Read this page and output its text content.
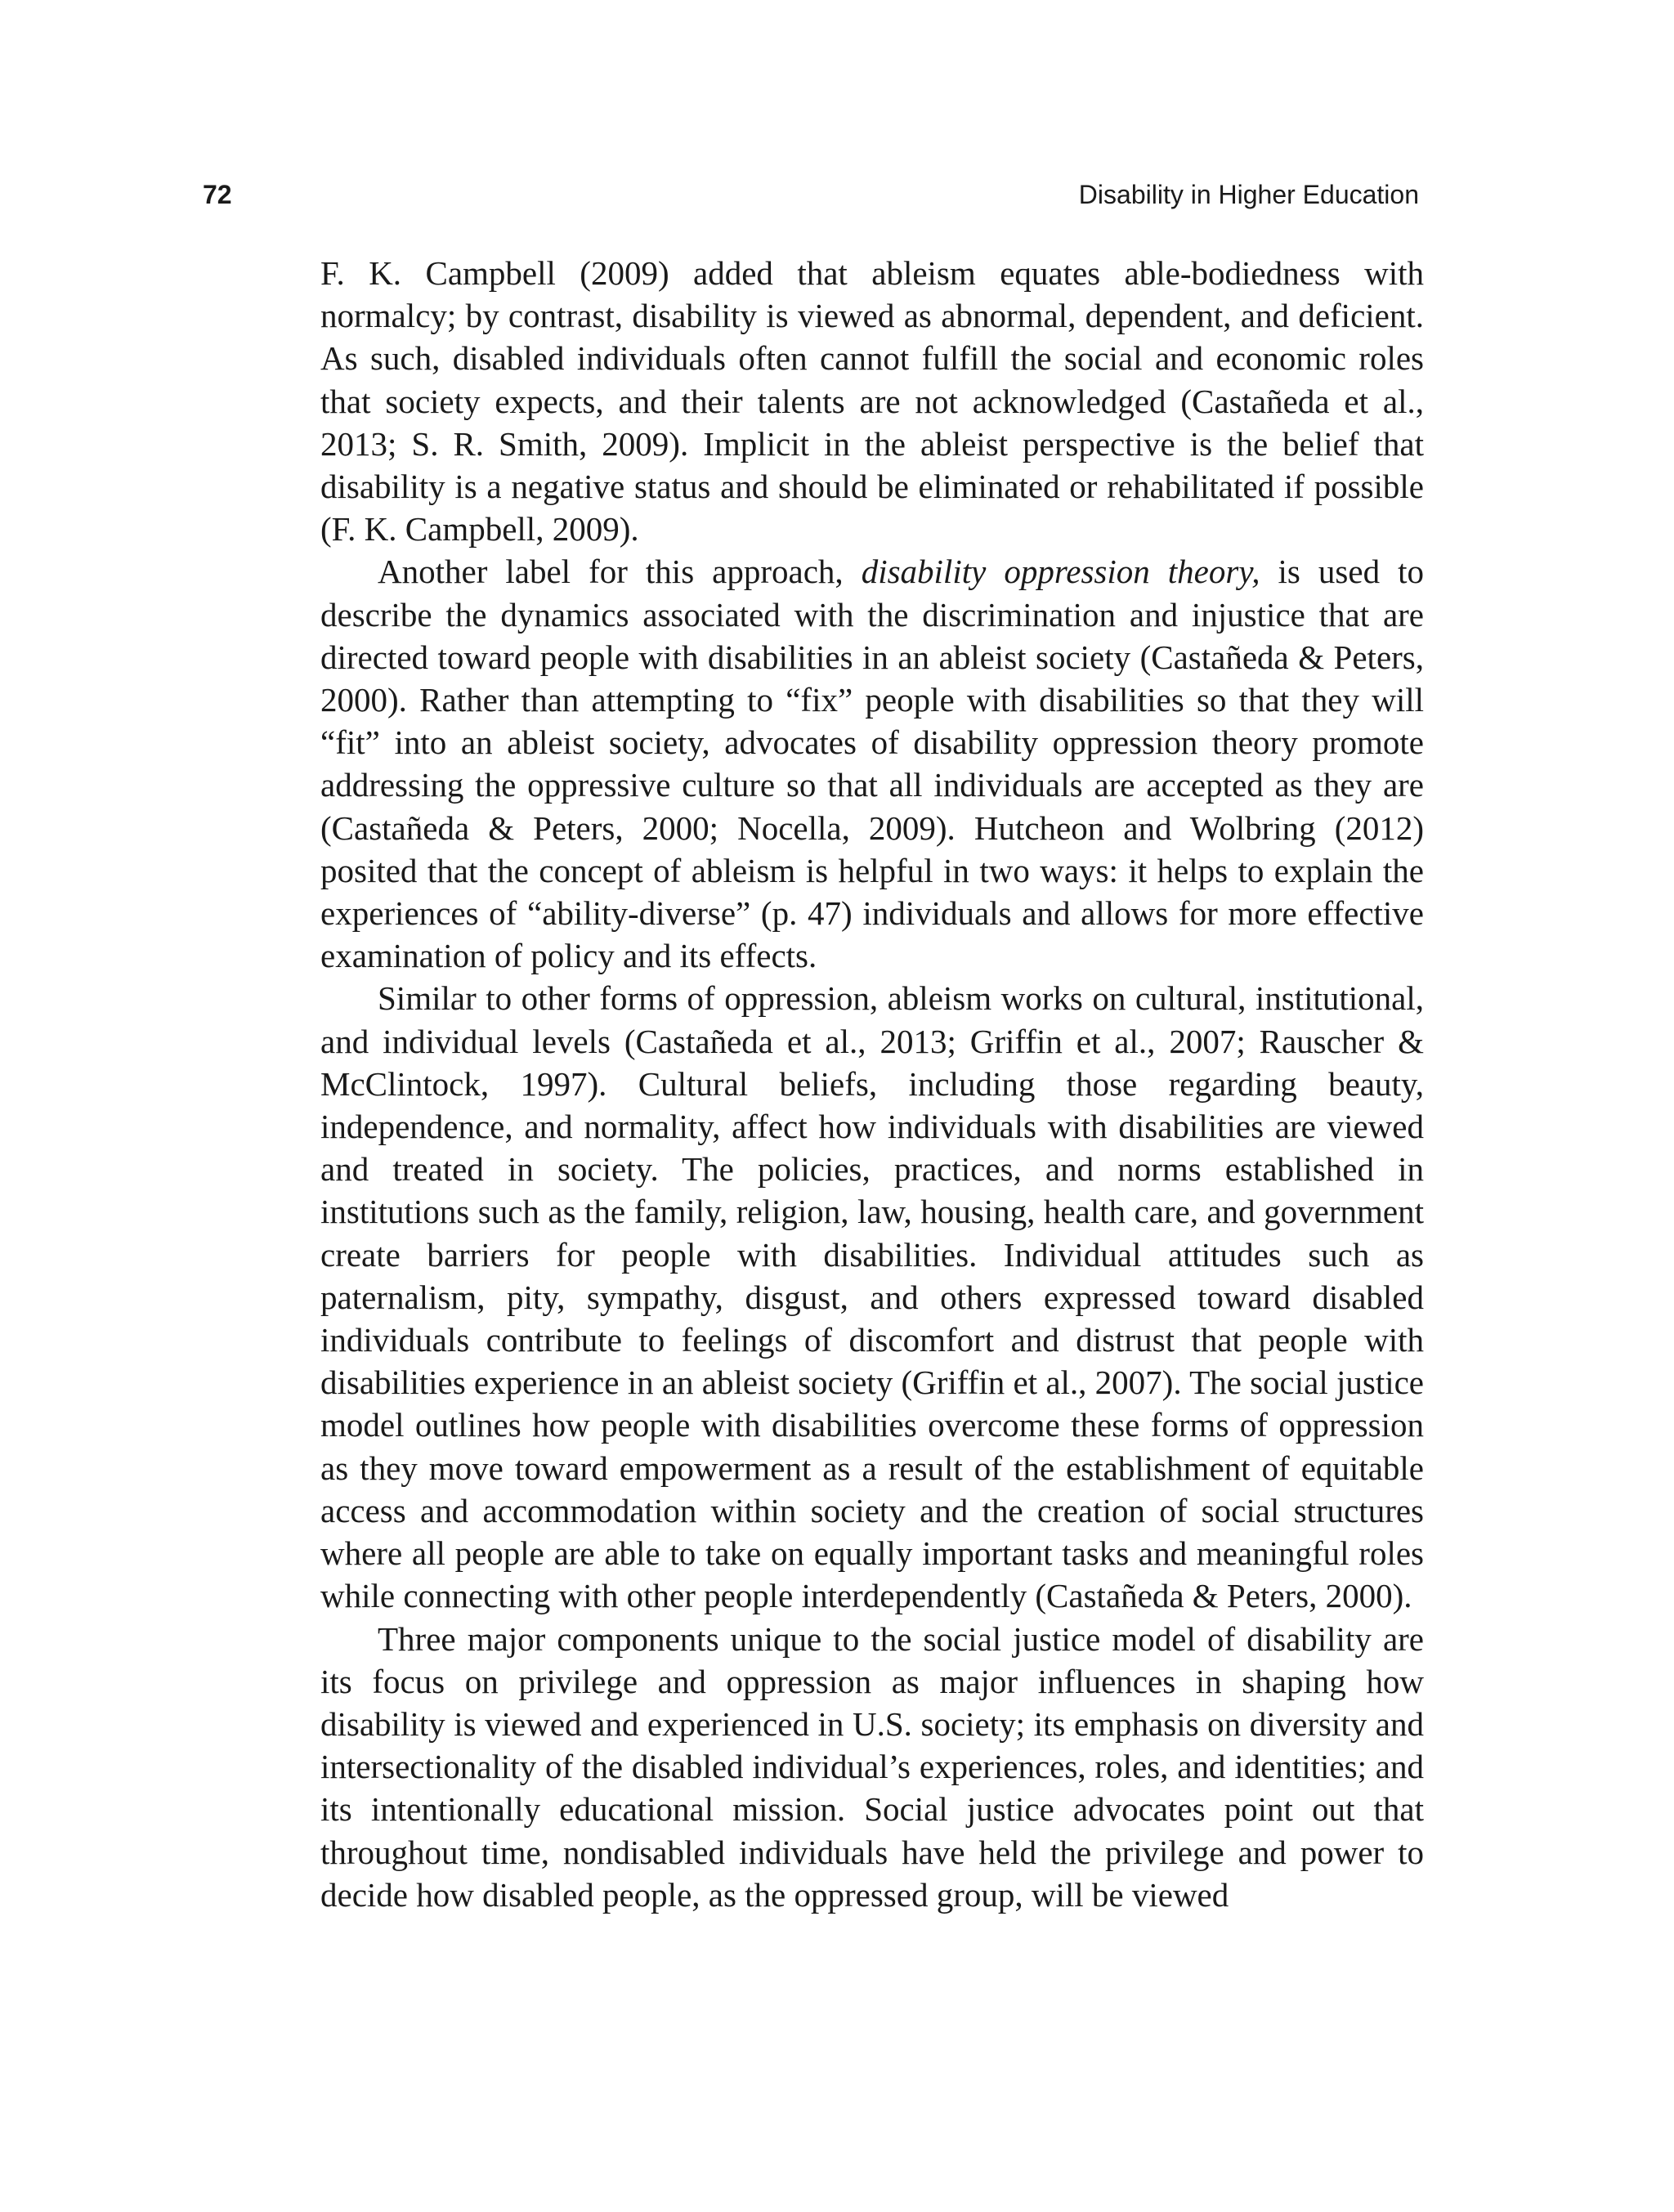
72	Disability in Higher Education

F. K. Campbell (2009) added that ableism equates able-bodiedness with normalcy; by contrast, disability is viewed as abnormal, dependent, and deficient. As such, disabled individuals often cannot fulfill the social and economic roles that society expects, and their talents are not acknowledged (Castañeda et al., 2013; S. R. Smith, 2009). Implicit in the ableist perspective is the belief that disability is a negative status and should be eliminated or rehabilitated if possible (F. K. Campbell, 2009).

Another label for this approach, disability oppression theory, is used to describe the dynamics associated with the discrimination and injustice that are directed toward people with disabilities in an ableist society (Castañeda & Peters, 2000). Rather than attempting to “fix” people with disabilities so that they will “fit” into an ableist society, advocates of disability oppression theory promote addressing the oppressive culture so that all individuals are accepted as they are (Castañeda & Peters, 2000; Nocella, 2009). Hutcheon and Wolbring (2012) posited that the concept of ableism is helpful in two ways: it helps to explain the experiences of “ability-diverse” (p. 47) individuals and allows for more effective examination of policy and its effects.

Similar to other forms of oppression, ableism works on cultural, institutional, and individual levels (Castañeda et al., 2013; Griffin et al., 2007; Rauscher & McClintock, 1997). Cultural beliefs, including those regarding beauty, independence, and normality, affect how individuals with disabilities are viewed and treated in society. The policies, practices, and norms established in institutions such as the family, religion, law, housing, health care, and government create barriers for people with disabilities. Individual attitudes such as paternalism, pity, sympathy, disgust, and others expressed toward disabled individuals contribute to feelings of discomfort and distrust that people with disabilities experience in an ableist society (Griffin et al., 2007). The social justice model outlines how people with disabilities overcome these forms of oppression as they move toward empowerment as a result of the establishment of equitable access and accommodation within society and the creation of social structures where all people are able to take on equally important tasks and meaningful roles while connecting with other people interdependently (Castañeda & Peters, 2000).

Three major components unique to the social justice model of disability are its focus on privilege and oppression as major influences in shaping how disability is viewed and experienced in U.S. society; its emphasis on diversity and intersectionality of the disabled individual’s experiences, roles, and identities; and its intentionally educational mission. Social justice advocates point out that throughout time, nondisabled individuals have held the privilege and power to decide how disabled people, as the oppressed group, will be viewed
